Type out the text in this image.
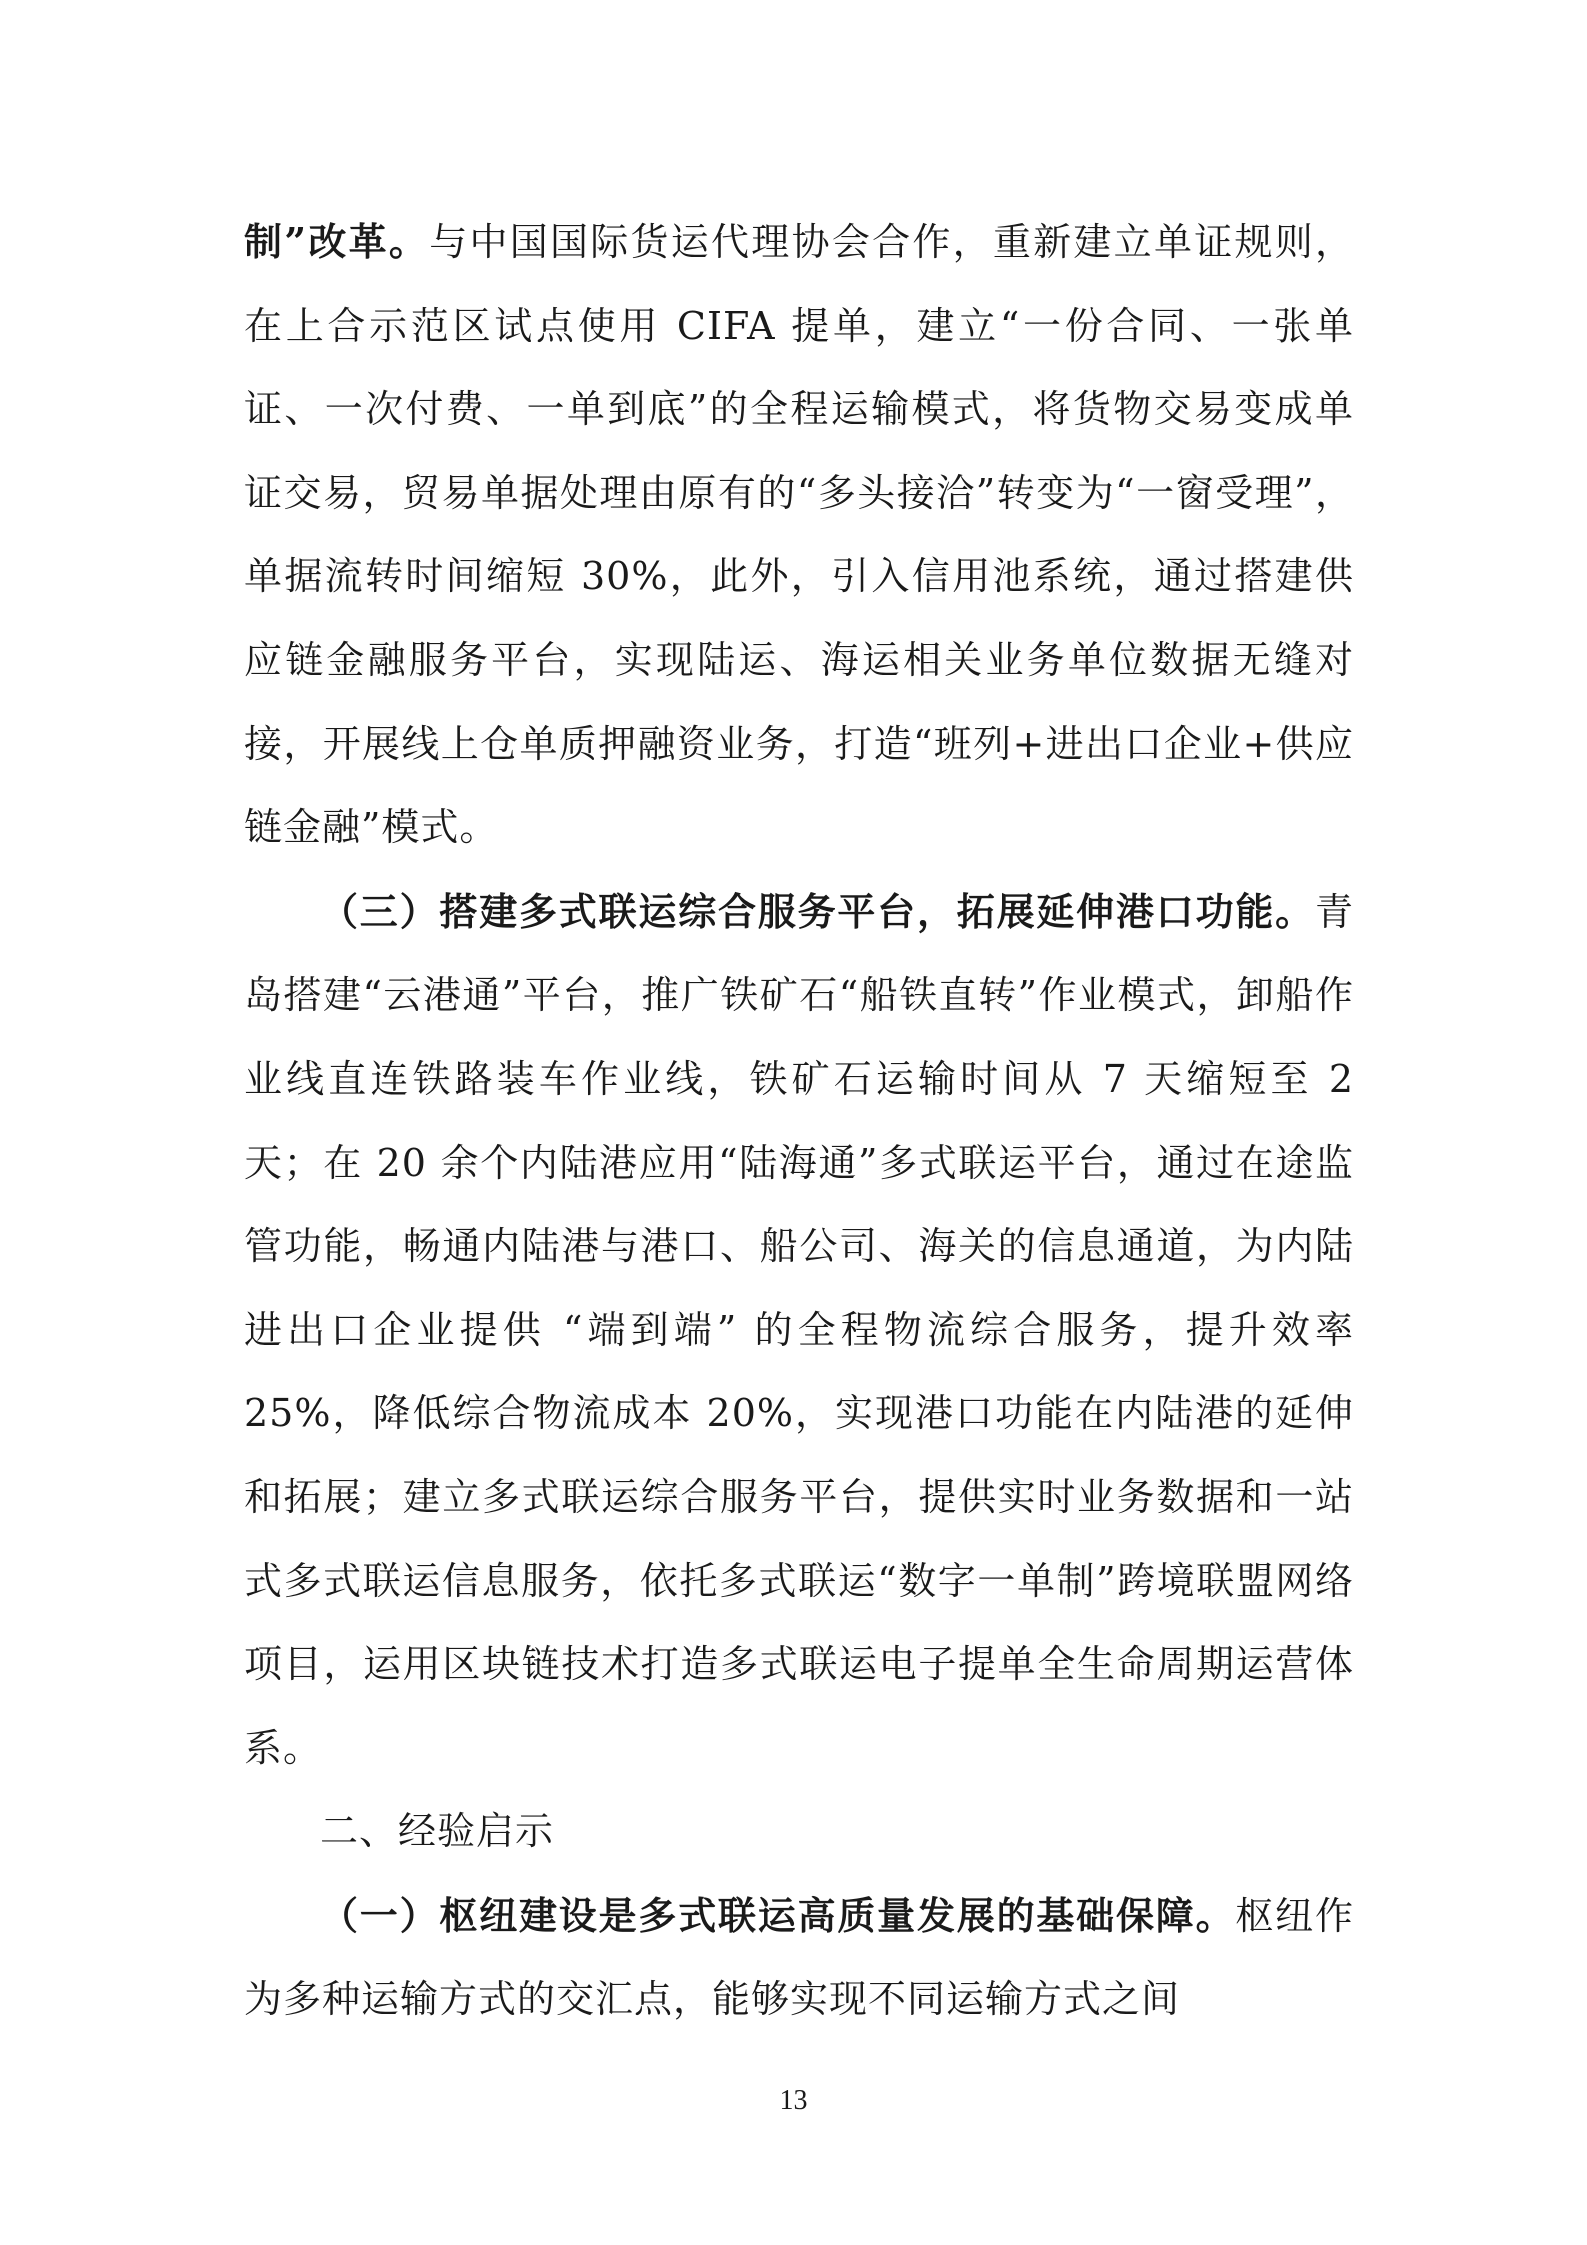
制”改革。与中国国际货运代理协会合作，重新建立单证规则，在上合示范区试点使用 CIFA 提单，建立“一份合同、一张单证、一次付费、一单到底”的全程运输模式，将货物交易变成单证交易，贸易单据处理由原有的“多头接洽”转变为“一窗受理”，单据流转时间缩短 30%，此外，引入信用池系统，通过搭建供应链金融服务平台，实现陆运、海运相关业务单位数据无缝对接，开展线上仓单质押融资业务，打造“班列+进出口企业+供应链金融”模式。

（三）搭建多式联运综合服务平台，拓展延伸港口功能。青岛搭建“云港通”平台，推广铁矿石“船铁直转”作业模式，卸船作业线直连铁路装车作业线，铁矿石运输时间从 7 天缩短至 2 天；在 20 余个内陆港应用“陆海通”多式联运平台，通过在途监管功能，畅通内陆港与港口、船公司、海关的信息通道，为内陆进出口企业提供 “端到端” 的全程物流综合服务，提升效率 25%，降低综合物流成本 20%，实现港口功能在内陆港的延伸和拓展；建立多式联运综合服务平台，提供实时业务数据和一站式多式联运信息服务，依托多式联运“数字一单制”跨境联盟网络项目，运用区块链技术打造多式联运电子提单全生命周期运营体系。

二、经验启示

（一）枢纽建设是多式联运高质量发展的基础保障。枢纽作为多种运输方式的交汇点，能够实现不同运输方式之间

13
